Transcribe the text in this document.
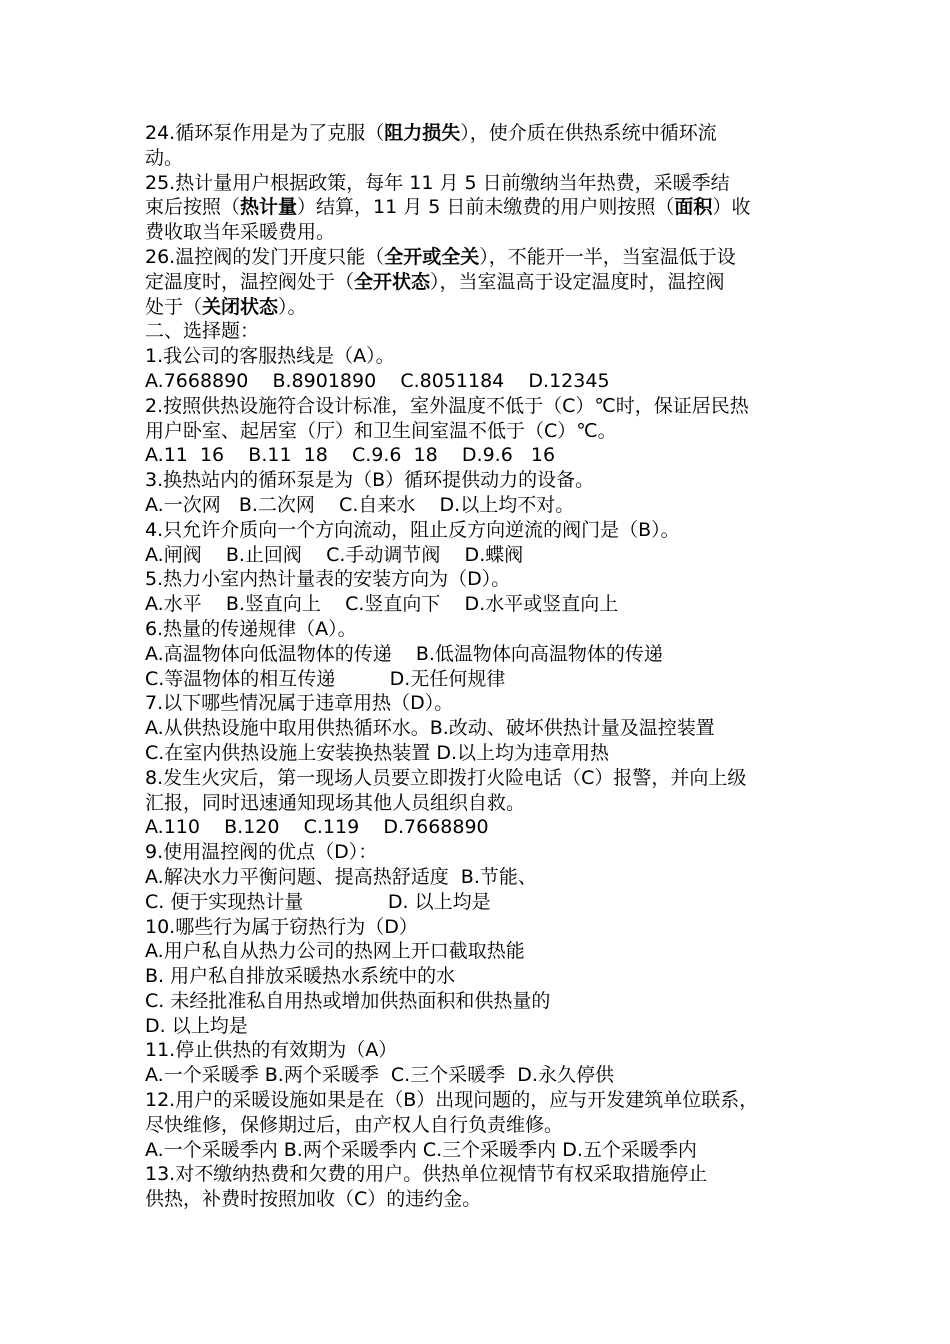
24.循环泵作用是为了克服（阻力损失），使介质在供热系统中循环流
动。
25.热计量用户根据政策，每年 11 月 5 日前缴纳当年热费，采暖季结
束后按照（热计量）结算，11 月 5 日前未缴费的用户则按照（面积）收
费收取当年采暖费用。
26.温控阀的发门开度只能（全开或全关），不能开一半，当室温低于设
定温度时，温控阀处于（全开状态），当室温高于设定温度时，温控阀
处于（关闭状态）。
二、选择题：
1.我公司的客服热线是（A）。
A.7668890    B.8901890    C.8051184    D.12345
2.按照供热设施符合设计标准，室外温度不低于（C）℃时，保证居民热
用户卧室、起居室（厅）和卫生间室温不低于（C）℃。
A.11  16    B.11  18    C.9.6  18    D.9.6   16
3.换热站内的循环泵是为（B）循环提供动力的设备。
A.一次网   B.二次网    C.自来水    D.以上均不对。
4.只允许介质向一个方向流动，阻止反方向逆流的阀门是（B）。
A.闸阀    B.止回阀    C.手动调节阀    D.蝶阀
5.热力小室内热计量表的安装方向为（D）。
A.水平    B.竖直向上    C.竖直向下    D.水平或竖直向上
6.热量的传递规律（A）。
A.高温物体向低温物体的传递    B.低温物体向高温物体的传递
C.等温物体的相互传递         D.无任何规律
7.以下哪些情况属于违章用热（D）。
A.从供热设施中取用供热循环水。B.改动、破坏供热计量及温控装置
C.在室内供热设施上安装换热装置 D.以上均为违章用热
8.发生火灾后，第一现场人员要立即拨打火险电话（C）报警，并向上级
汇报，同时迅速通知现场其他人员组织自救。
A.110    B.120    C.119    D.7668890
9.使用温控阀的优点（D）：
A.解决水力平衡问题、提高热舒适度  B.节能、
C. 便于实现热计量              D. 以上均是
10.哪些行为属于窃热行为（D）
A.用户私自从热力公司的热网上开口截取热能
B. 用户私自排放采暖热水系统中的水
C. 未经批准私自用热或增加供热面积和供热量的
D. 以上均是
11.停止供热的有效期为（A）
A.一个采暖季 B.两个采暖季  C.三个采暖季  D.永久停供
12.用户的采暖设施如果是在（B）出现问题的，应与开发建筑单位联系，
尽快维修，保修期过后，由产权人自行负责维修。
A.一个采暖季内 B.两个采暖季内 C.三个采暖季内 D.五个采暖季内
13.对不缴纳热费和欠费的用户。供热单位视情节有权采取措施停止
供热，补费时按照加收（C）的违约金。
